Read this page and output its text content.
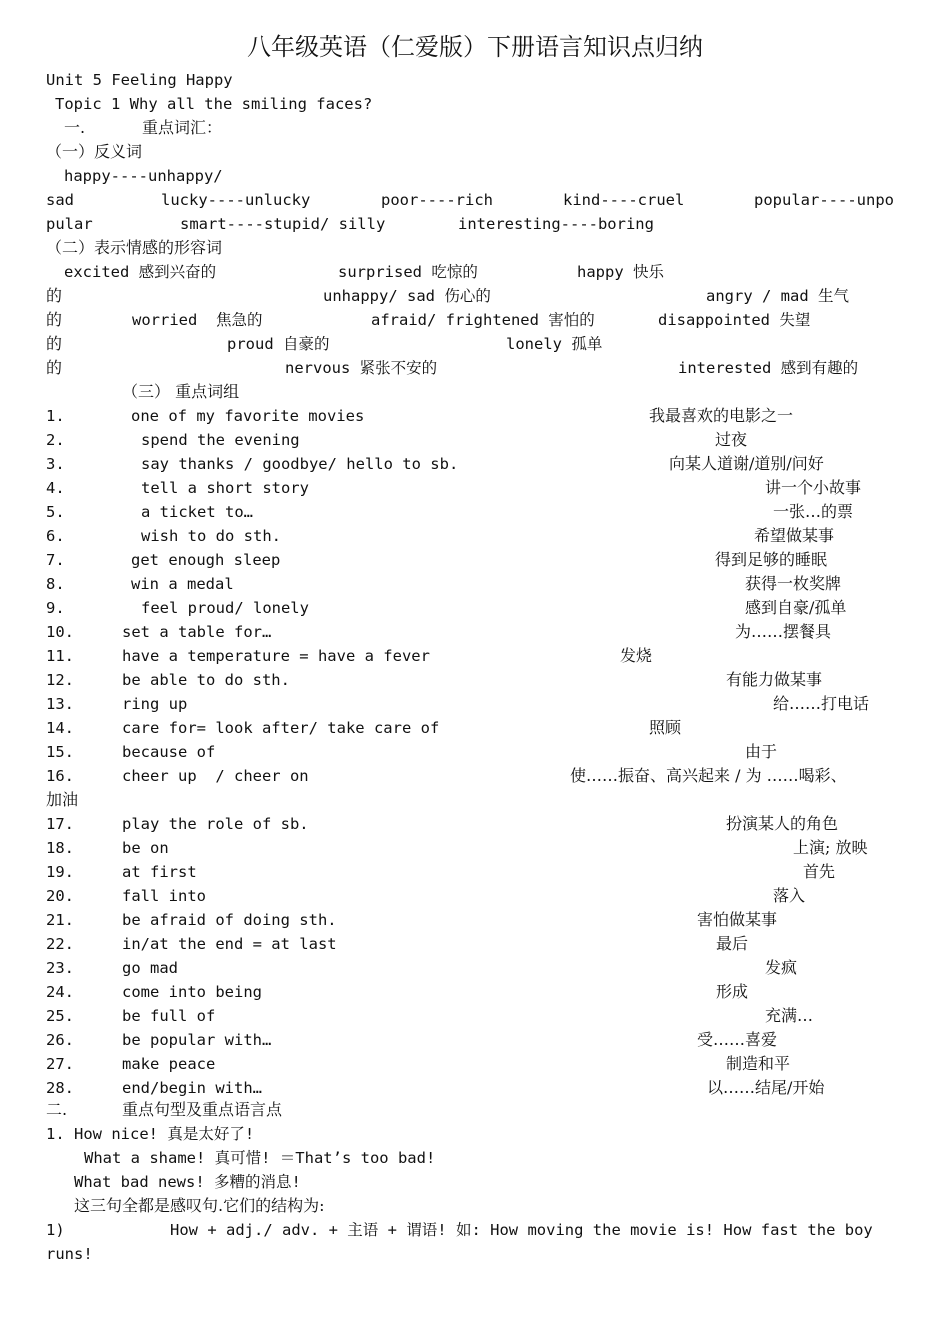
八年级英语（仁爱版）下册语言知识点归纳
Unit 5 Feeling Happy
Topic 1 Why all the smiling faces?
一.	重点词汇：
（一）反义词
happy----unhappy/
sad	lucky----unlucky	poor----rich	kind----cruel	popular----unpo
pular	smart----stupid/ silly	interesting----boring
（二）表示情感的形容词
excited 感到兴奋的	surprised 吃惊的	happy 快乐
的	unhappy/ sad 伤心的	angry / mad 生气
的	worried  焦急的	afraid/ frightened 害怕的	disappointed 失望
的	proud 自豪的	lonely 孤单
的	nervous 紧张不安的	interested 感到有趣的
（三） 重点词组
1.	one of my favorite movies	我最喜欢的电影之一
2.	spend the evening	过夜
3.	say thanks / goodbye/ hello to sb.	向某人道谢/道别/问好
4.	tell a short story	讲一个小故事
5.	a ticket to…	一张…的票
6.	wish to do sth.	希望做某事
7.	get enough sleep	得到足够的睡眠
8.	win a medal	获得一枚奖牌
9.	feel proud/ lonely	感到自豪/孤单
10.	set a table for…	为……摆餐具
11.	have a temperature = have a fever	发烧
12.	be able to do sth.	有能力做某事
13.	ring up	给……打电话
14.	care for= look after/ take care of	照顾
15.	because of	由于
16.	cheer up  / cheer on	使……振奋、高兴起来 / 为 ……喝彩、
加油
17.	play the role of sb.	扮演某人的角色
18.	be on	上演; 放映
19.	at first	首先
20.	fall into	落入
21.	be afraid of doing sth.	害怕做某事
22.	in/at the end = at last	最后
23.	go mad	发疯
24.	come into being	形成
25.	be full of	充满…
26.	be popular with…	受……喜爱
27.	make peace	制造和平
28.	end/begin with…	以……结尾/开始
二.	重点句型及重点语言点
1. How nice! 真是太好了!
What a shame! 真可惜! ＝That’s too bad!
What bad news! 多糟的消息!
这三句全都是感叹句.它们的结构为:
1)	How + adj./ adv. + 主语 + 谓语! 如: How moving the movie is! How fast the boy
runs!
